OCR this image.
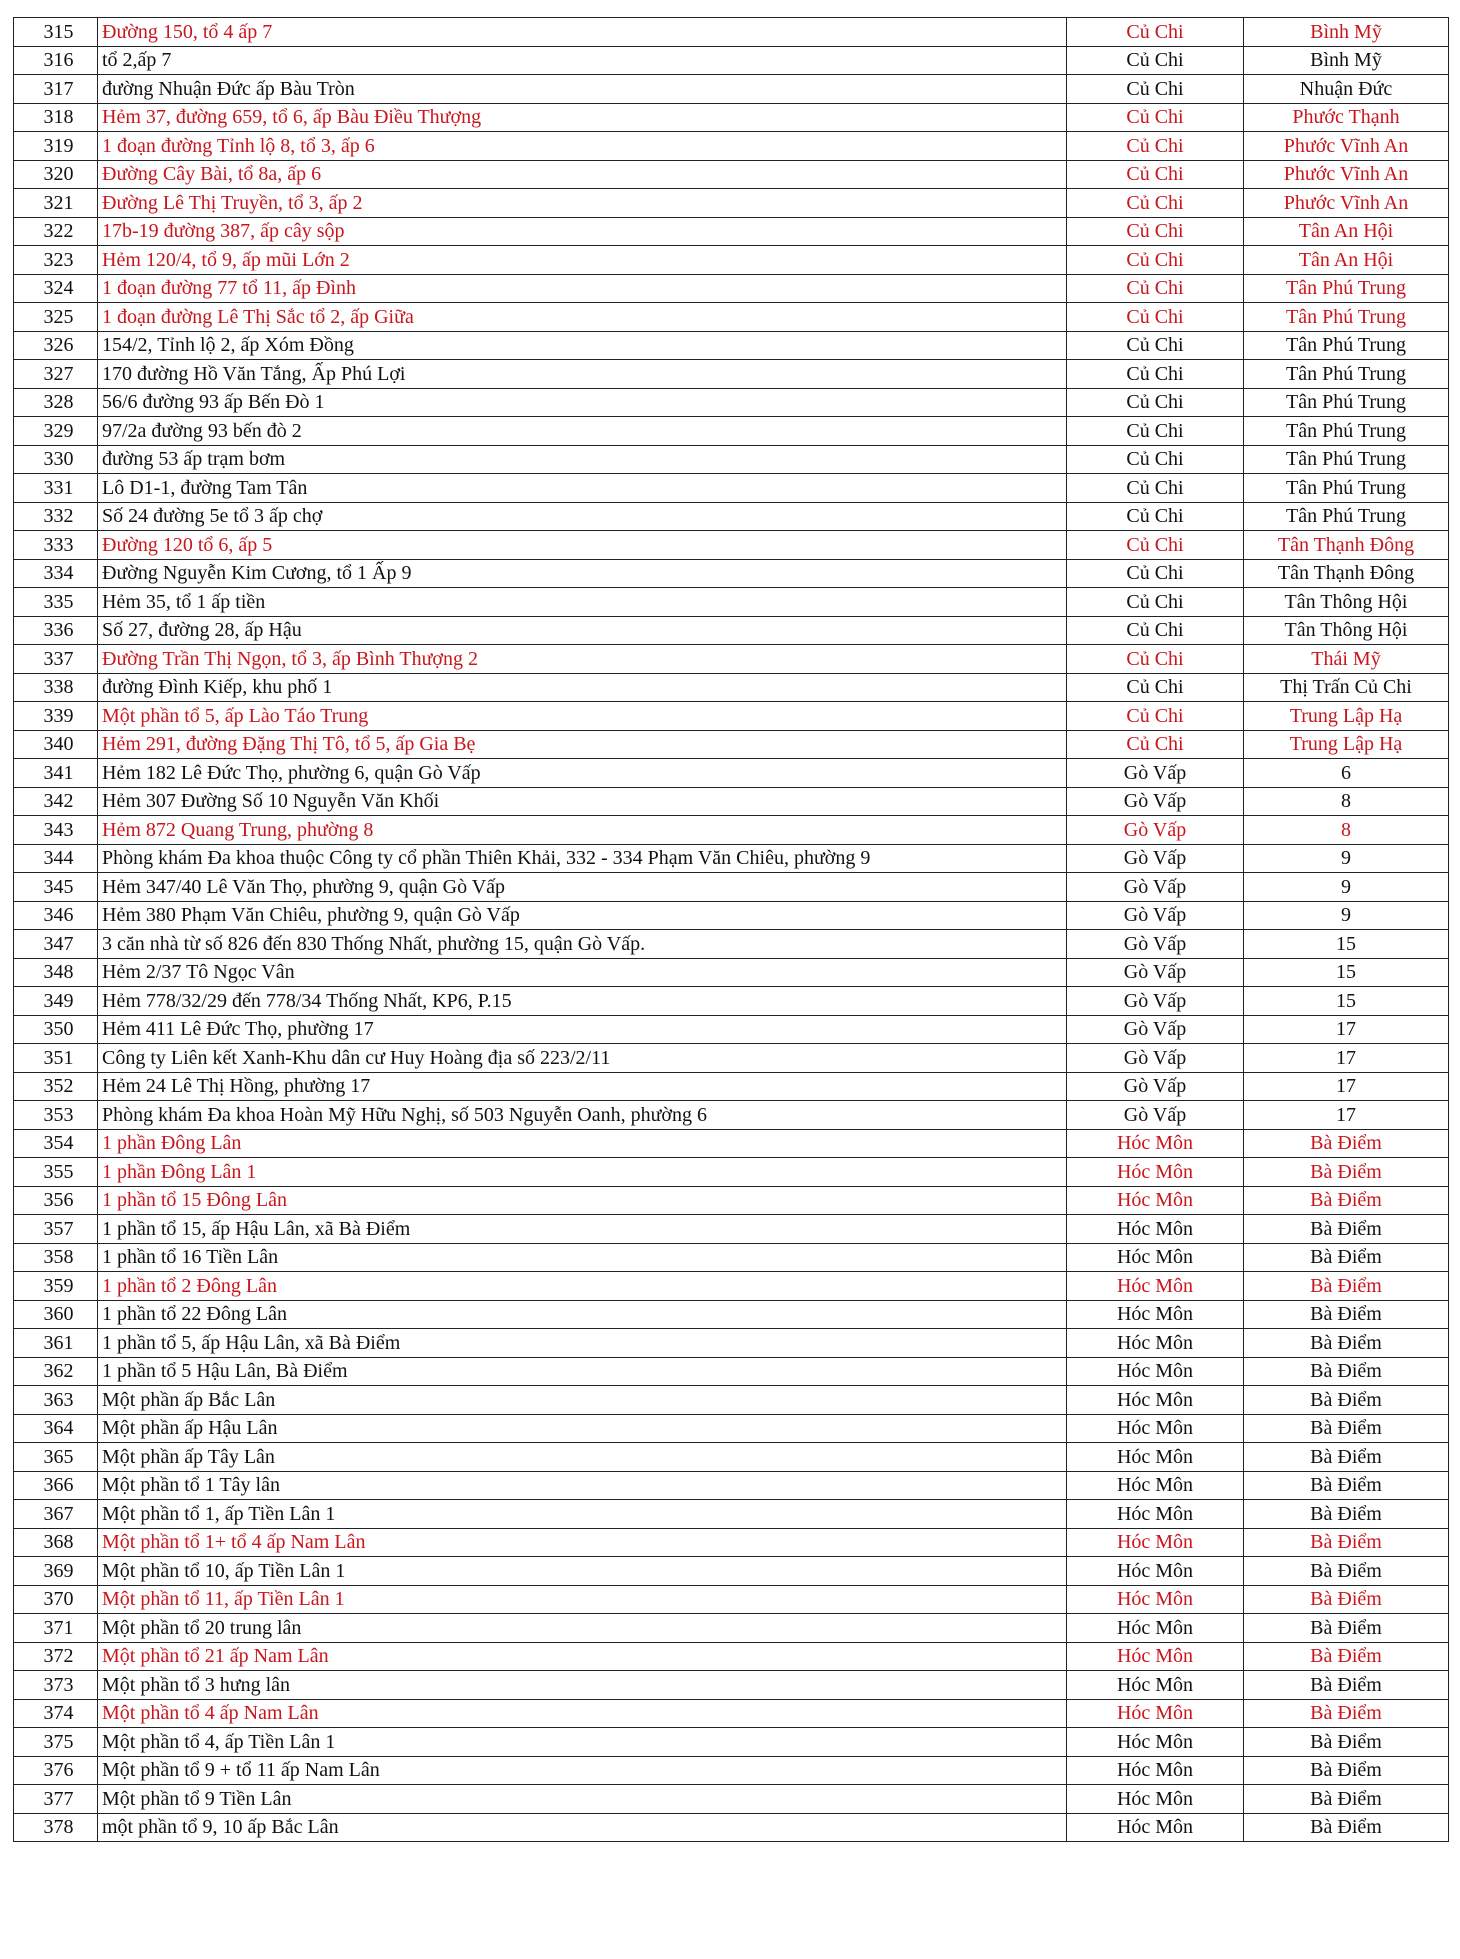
315	Đường 150, tổ 4 ấp 7	Củ Chi	Bình Mỹ
316	tổ 2,ấp 7	Củ Chi	Bình Mỹ
317	đường Nhuận Đức ấp Bàu Tròn	Củ Chi	Nhuận Đức
318	Hẻm 37, đường 659, tổ 6, ấp Bàu Điều Thượng	Củ Chi	Phước Thạnh
319	1 đoạn đường Tỉnh lộ 8, tổ 3, ấp 6	Củ Chi	Phước Vĩnh An
320	Đường Cây Bài, tổ 8a, ấp 6	Củ Chi	Phước Vĩnh An
321	Đường Lê Thị Truyền, tổ 3, ấp 2	Củ Chi	Phước Vĩnh An
322	17b-19 đường 387, ấp cây sộp	Củ Chi	Tân An Hội
323	Hẻm 120/4, tổ 9, ấp mũi Lớn 2	Củ Chi	Tân An Hội
324	1 đoạn đường 77 tổ 11, ấp Đình	Củ Chi	Tân Phú Trung
325	1 đoạn đường Lê Thị Sắc tổ 2, ấp Giữa	Củ Chi	Tân Phú Trung
326	154/2, Tỉnh lộ 2, ấp Xóm Đồng	Củ Chi	Tân Phú Trung
327	170 đường Hồ Văn Tắng, Ấp Phú Lợi	Củ Chi	Tân Phú Trung
328	56/6 đường 93 ấp Bến Đò 1	Củ Chi	Tân Phú Trung
329	97/2a đường 93 bến đò 2	Củ Chi	Tân Phú Trung
330	đường 53 ấp trạm bơm	Củ Chi	Tân Phú Trung
331	Lô D1-1, đường Tam Tân	Củ Chi	Tân Phú Trung
332	Số 24 đường 5e tổ 3 ấp chợ	Củ Chi	Tân Phú Trung
333	Đường 120 tổ 6, ấp 5	Củ Chi	Tân Thạnh Đông
334	Đường Nguyễn Kim Cương, tổ 1 Ấp 9	Củ Chi	Tân Thạnh Đông
335	Hẻm 35, tổ 1 ấp tiền	Củ Chi	Tân Thông Hội
336	Số 27, đường 28, ấp Hậu	Củ Chi	Tân Thông Hội
337	Đường Trần Thị Ngọn, tổ 3, ấp Bình Thượng 2	Củ Chi	Thái Mỹ
338	đường Đình Kiếp, khu phố 1	Củ Chi	Thị Trấn Củ Chi
339	Một phần tổ 5, ấp Lào Táo Trung	Củ Chi	Trung Lập Hạ
340	Hẻm 291, đường Đặng Thị Tô, tổ 5, ấp Gia Bẹ	Củ Chi	Trung Lập Hạ
341	Hẻm 182 Lê Đức Thọ, phường 6, quận Gò Vấp	Gò Vấp	6
342	Hẻm 307 Đường Số 10 Nguyễn Văn Khối	Gò Vấp	8
343	Hẻm 872 Quang Trung, phường 8	Gò Vấp	8
344	Phòng khám Đa khoa thuộc Công ty cổ phần Thiên Khải, 332 - 334 Phạm Văn Chiêu, phường 9	Gò Vấp	9
345	Hẻm 347/40 Lê Văn Thọ, phường 9, quận Gò Vấp	Gò Vấp	9
346	Hẻm 380 Phạm Văn Chiêu, phường 9, quận Gò Vấp	Gò Vấp	9
347	3 căn nhà từ số 826 đến 830 Thống Nhất, phường 15, quận Gò Vấp.	Gò Vấp	15
348	Hẻm 2/37 Tô Ngọc Vân	Gò Vấp	15
349	Hẻm 778/32/29 đến 778/34 Thống Nhất, KP6, P.15	Gò Vấp	15
350	Hẻm 411 Lê Đức Thọ, phường 17	Gò Vấp	17
351	Công ty Liên kết Xanh-Khu dân cư Huy Hoàng địa số 223/2/11	Gò Vấp	17
352	Hẻm 24 Lê Thị Hồng, phường 17	Gò Vấp	17
353	Phòng khám Đa khoa Hoàn Mỹ Hữu Nghị, số 503 Nguyễn Oanh, phường 6	Gò Vấp	17
354	1 phần Đông Lân	Hóc Môn	Bà Điểm
355	1 phần Đông Lân 1	Hóc Môn	Bà Điểm
356	1 phần tổ 15 Đông Lân	Hóc Môn	Bà Điểm
357	1 phần tổ 15, ấp Hậu Lân, xã Bà Điểm	Hóc Môn	Bà Điểm
358	1 phần tổ 16 Tiền Lân	Hóc Môn	Bà Điểm
359	1 phần tổ 2 Đông Lân	Hóc Môn	Bà Điểm
360	1 phần tổ 22 Đông Lân	Hóc Môn	Bà Điểm
361	1 phần tổ 5, ấp Hậu Lân, xã Bà Điểm	Hóc Môn	Bà Điểm
362	1 phần tổ 5 Hậu Lân, Bà Điểm	Hóc Môn	Bà Điểm
363	Một phần ấp Bắc Lân	Hóc Môn	Bà Điểm
364	Một phần ấp Hậu Lân	Hóc Môn	Bà Điểm
365	Một phần ấp Tây Lân	Hóc Môn	Bà Điểm
366	Một phần tổ 1 Tây lân	Hóc Môn	Bà Điểm
367	Một phần tổ 1, ấp Tiền Lân 1	Hóc Môn	Bà Điểm
368	Một phần tổ 1+ tổ 4 ấp Nam Lân	Hóc Môn	Bà Điểm
369	Một phần tổ 10, ấp Tiền Lân 1	Hóc Môn	Bà Điểm
370	Một phần tổ 11, ấp Tiền Lân 1	Hóc Môn	Bà Điểm
371	Một phần tổ 20 trung lân	Hóc Môn	Bà Điểm
372	Một phần tổ 21 ấp Nam Lân	Hóc Môn	Bà Điểm
373	Một phần tổ 3 hưng lân	Hóc Môn	Bà Điểm
374	Một phần tổ 4 ấp Nam Lân	Hóc Môn	Bà Điểm
375	Một phần tổ 4, ấp Tiền Lân 1	Hóc Môn	Bà Điểm
376	Một phần tổ 9 + tổ 11 ấp Nam Lân	Hóc Môn	Bà Điểm
377	Một phần tổ 9 Tiền Lân	Hóc Môn	Bà Điểm
378	một phần tổ 9, 10 ấp Bắc Lân	Hóc Môn	Bà Điểm
